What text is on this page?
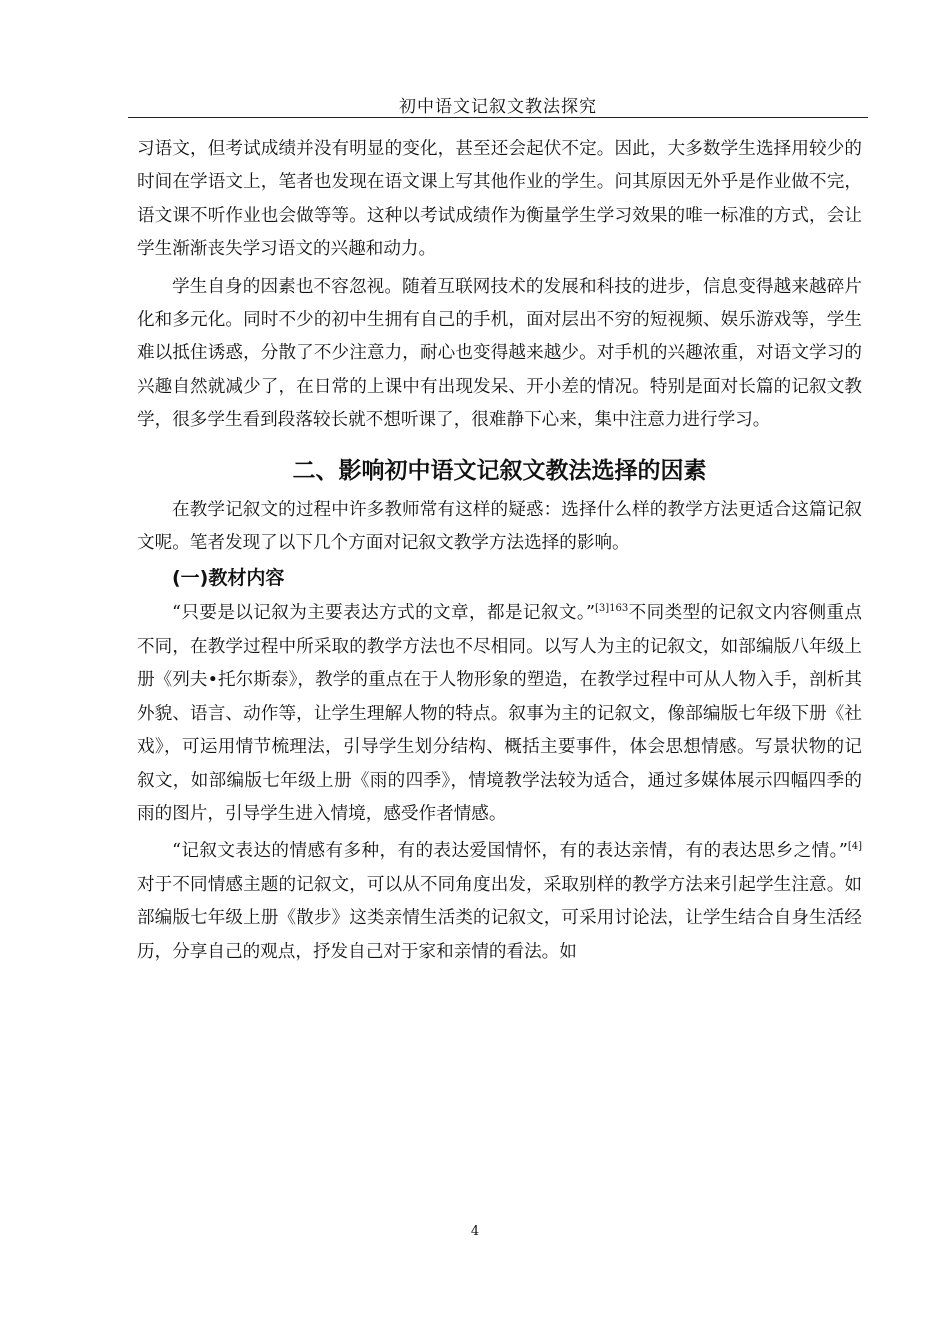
初中语文记叙文教法探究

习语文，但考试成绩并没有明显的变化，甚至还会起伏不定。因此，大多数学生选择用较少的时间在学语文上，笔者也发现在语文课上写其他作业的学生。问其原因无外乎是作业做不完，语文课不听作业也会做等等。这种以考试成绩作为衡量学生学习效果的唯一标准的方式，会让学生渐渐丧失学习语文的兴趣和动力。

学生自身的因素也不容忽视。随着互联网技术的发展和科技的进步，信息变得越来越碎片化和多元化。同时不少的初中生拥有自己的手机，面对层出不穷的短视频、娱乐游戏等，学生难以抵住诱惑，分散了不少注意力，耐心也变得越来越少。对手机的兴趣浓重，对语文学习的兴趣自然就减少了，在日常的上课中有出现发呆、开小差的情况。特别是面对长篇的记叙文教学，很多学生看到段落较长就不想听课了，很难静下心来，集中注意力进行学习。

二、影响初中语文记叙文教法选择的因素

在教学记叙文的过程中许多教师常有这样的疑惑：选择什么样的教学方法更适合这篇记叙文呢。笔者发现了以下几个方面对记叙文教学方法选择的影响。

(一)教材内容

“只要是以记叙为主要表达方式的文章，都是记叙文。”$^{[3]163}$不同类型的记叙文内容侧重点不同，在教学过程中所采取的教学方法也不尽相同。以写人为主的记叙文，如部编版八年级上册《列夫•托尔斯泰》，教学的重点在于人物形象的塑造，在教学过程中可从人物入手，剖析其外貌、语言、动作等，让学生理解人物的特点。叙事为主的记叙文，像部编版七年级下册《社戏》，可运用情节梳理法，引导学生划分结构、概括主要事件，体会思想情感。写景状物的记叙文，如部编版七年级上册《雨的四季》，情境教学法较为适合，通过多媒体展示四幅四季的雨的图片，引导学生进入情境，感受作者情感。

“记叙文表达的情感有多种，有的表达爱国情怀，有的表达亲情，有的表达思乡之情。”[4]对于不同情感主题的记叙文，可以从不同角度出发，采取别样的教学方法来引起学生注意。如部编版七年级上册《散步》这类亲情生活类的记叙文，可采用讨论法，让学生结合自身生活经历，分享自己的观点，抒发自己对于家和亲情的看法。如

4
